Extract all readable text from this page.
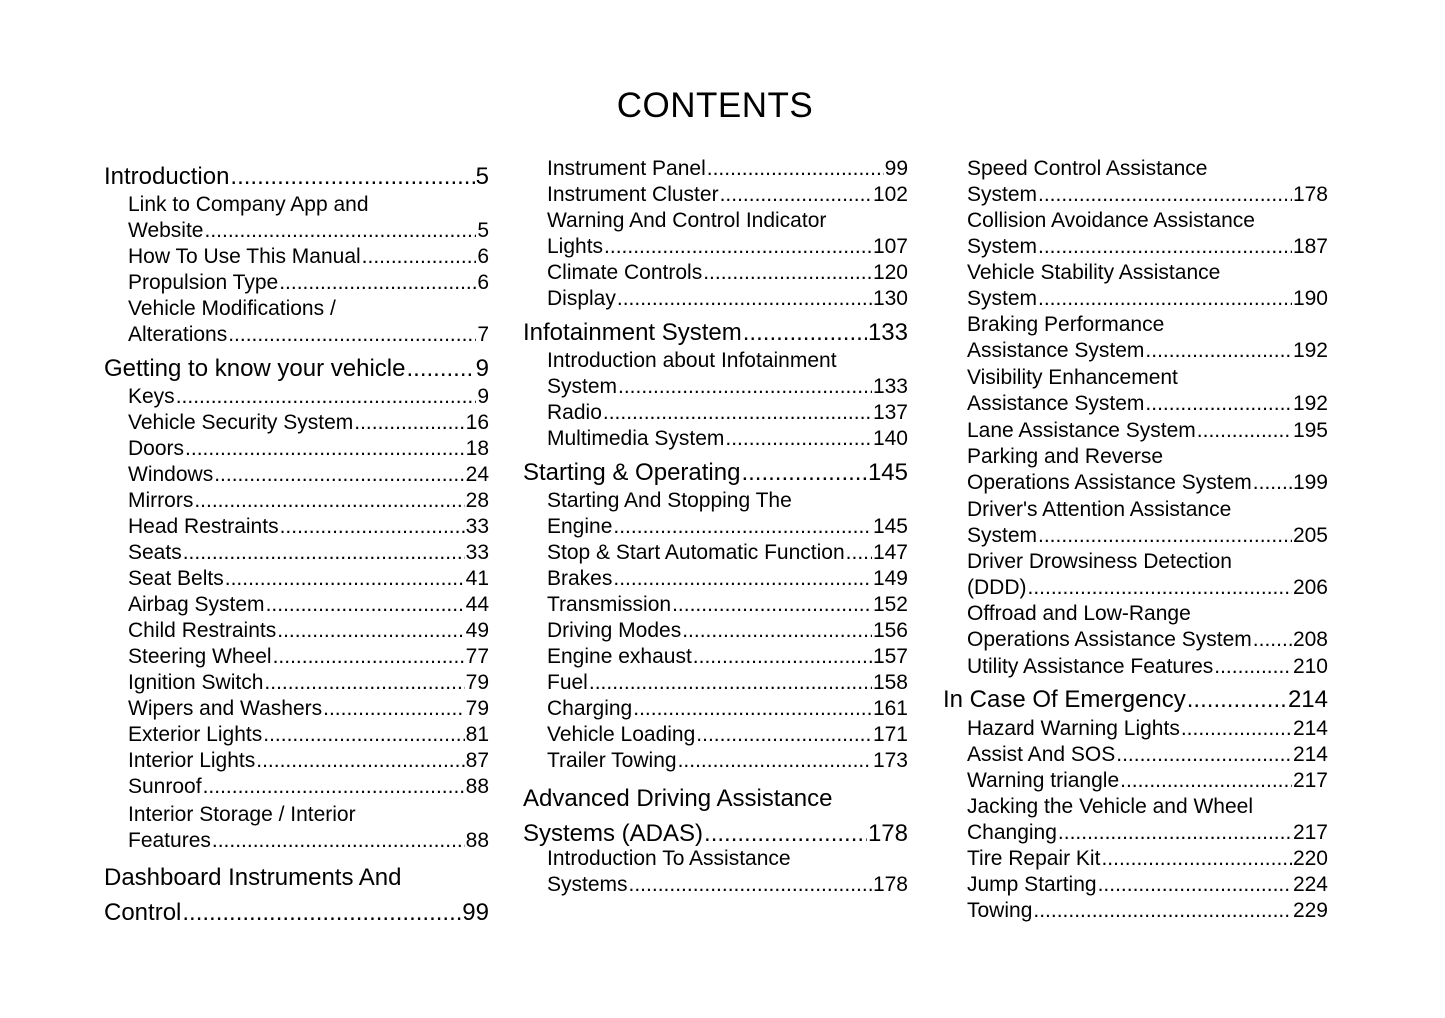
CONTENTS
Introduction .....	5
Link to Company App and
Website .....	5
How To Use This Manual .....	6
Propulsion Type .....	6
Vehicle Modifications /
Alterations .....	7
Getting to know your vehicle .....	9
Keys .....	9
Vehicle Security System .....	16
Doors .....	18
Windows .....	24
Mirrors .....	28
Head Restraints .....	33
Seats .....	33
Seat Belts .....	41
Airbag System .....	44
Child Restraints .....	49
Steering Wheel .....	77
Ignition Switch .....	79
Wipers and Washers .....	79
Exterior Lights .....	81
Interior Lights .....	87
Sunroof .....	88
Interior Storage / Interior
Features .....	88
Dashboard Instruments And
Control .....	99
Instrument Panel .....	99
Instrument Cluster .....	102
Warning And Control Indicator
Lights .....	107
Climate Controls .....	120
Display .....	130
Infotainment System .....	133
Introduction about Infotainment
System .....	133
Radio .....	137
Multimedia System .....	140
Starting & Operating .....	145
Starting And Stopping The
Engine .....	145
Stop & Start Automatic Function ..... 147
Brakes .....	149
Transmission .....	152
Driving Modes .....	156
Engine exhaust .....	157
Fuel .....	158
Charging .....	161
Vehicle Loading .....	171
Trailer Towing .....	173
Advanced Driving Assistance
Systems (ADAS) .....	178
Introduction To Assistance
Systems .....	178
Speed Control Assistance
System .....	178
Collision Avoidance Assistance
System .....	187
Vehicle Stability Assistance
System .....	190
Braking Performance
Assistance System .....	192
Visibility Enhancement
Assistance System .....	192
Lane Assistance System .....	195
Parking and Reverse
Operations Assistance System ..... 199
Driver's Attention Assistance
System .....	205
Driver Drowsiness Detection
(DDD) .....	206
Offroad and Low-Range
Operations Assistance System ..... 208
Utility Assistance Features .....	210
In Case Of Emergency .....	214
Hazard Warning Lights .....	214
Assist And SOS .....	214
Warning triangle .....	217
Jacking the Vehicle and Wheel
Changing .....	217
Tire Repair Kit .....	220
Jump Starting .....	224
Towing .....	229
